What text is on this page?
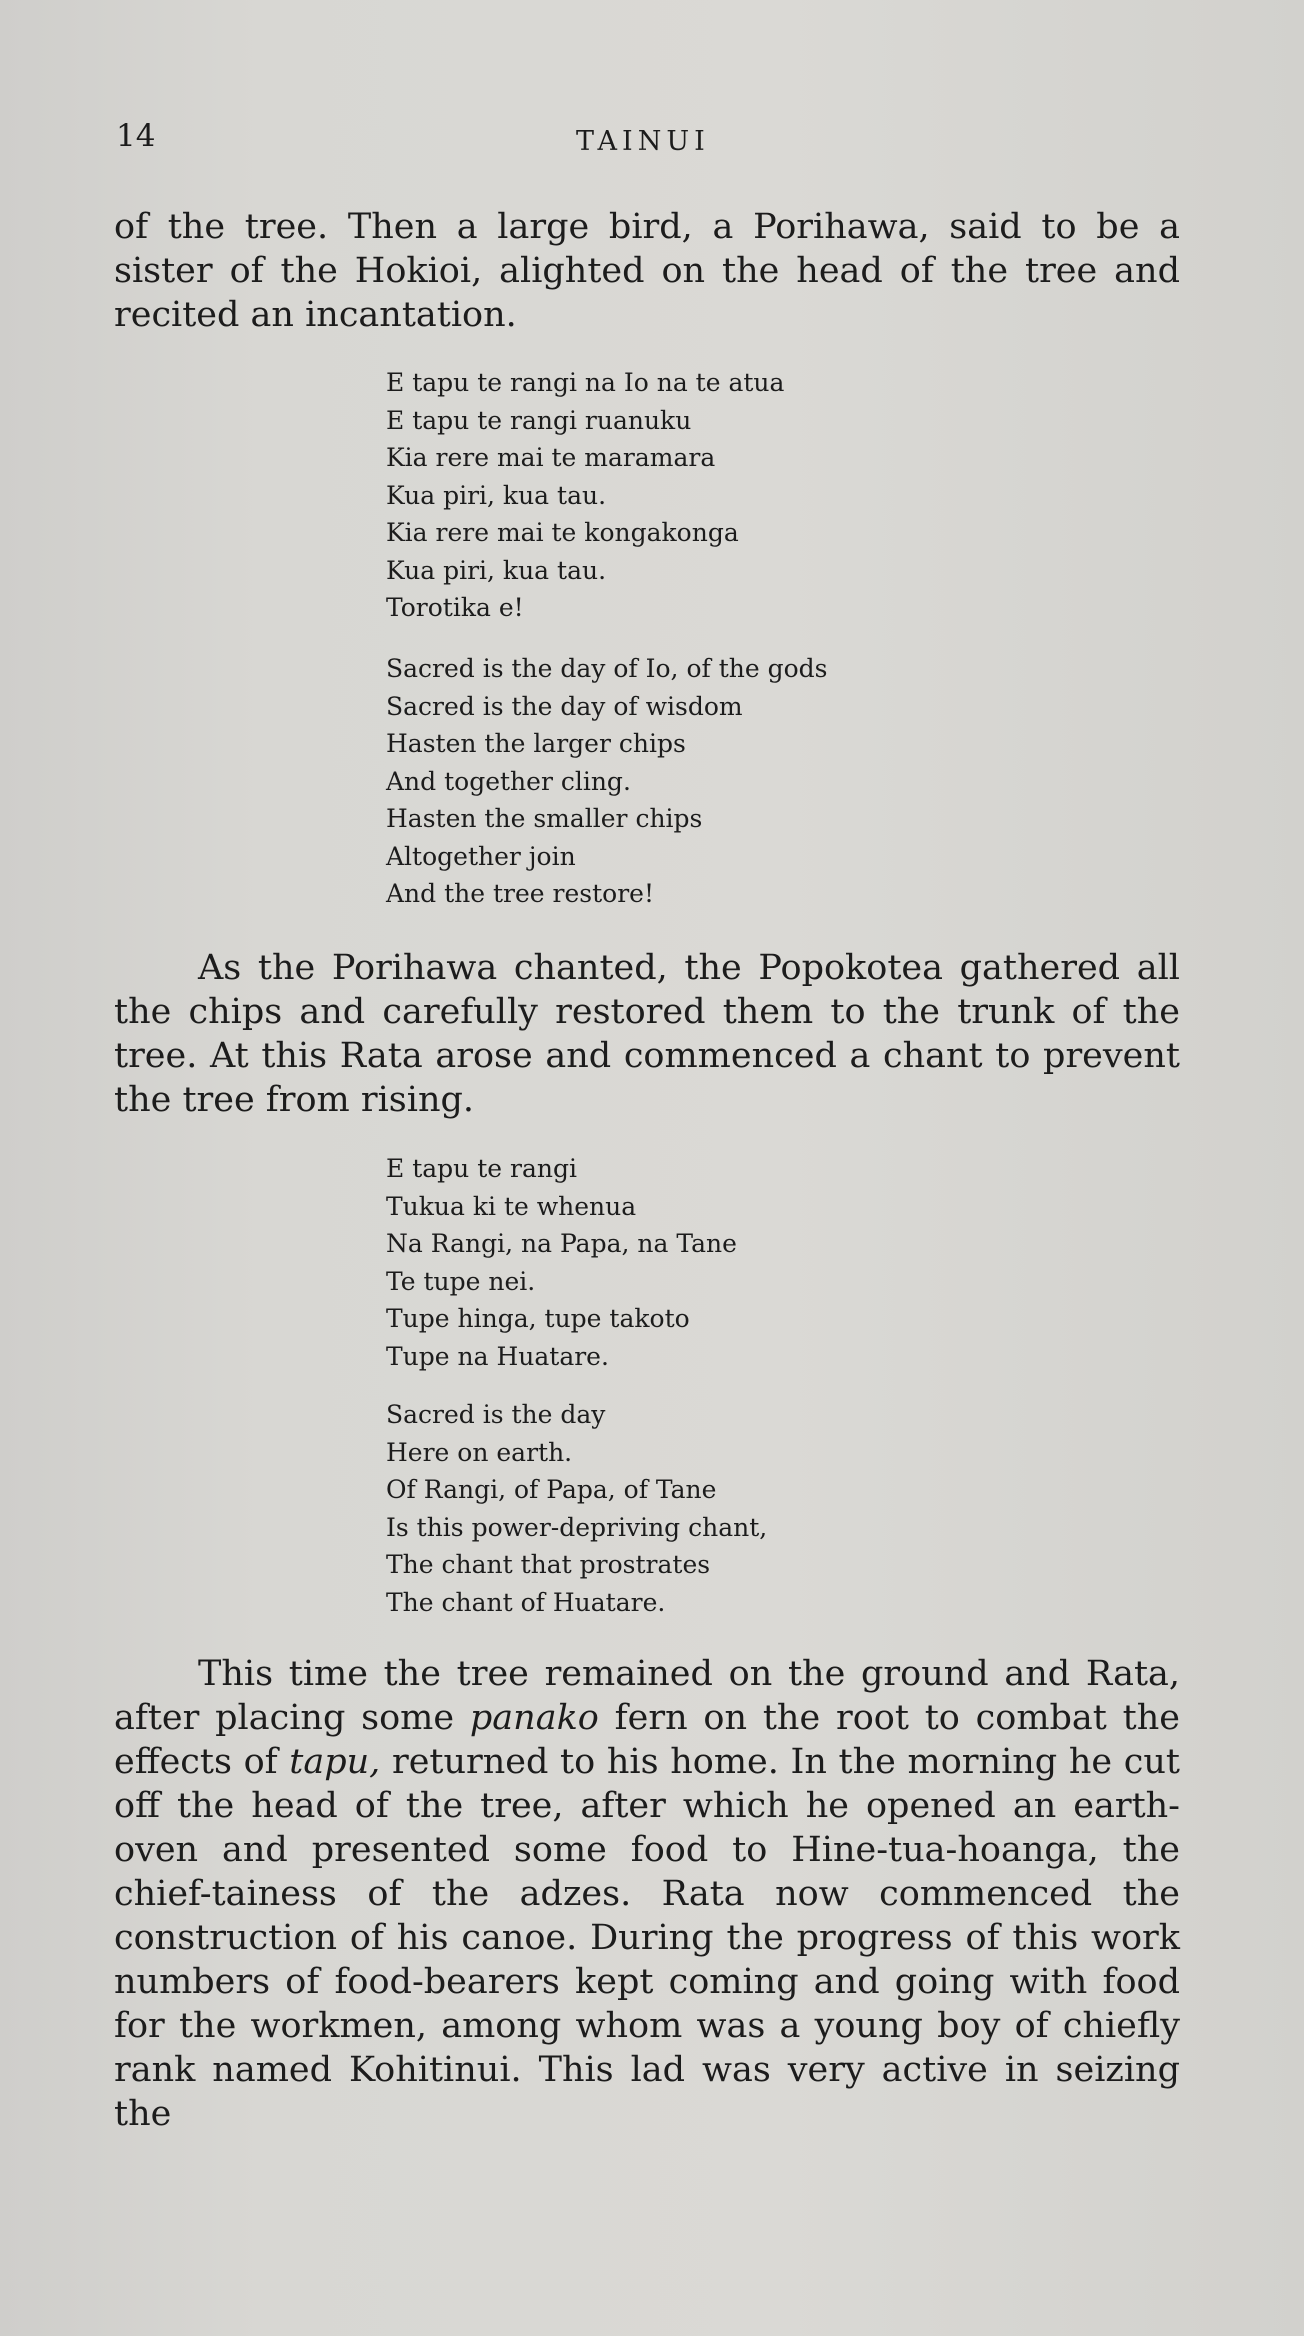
14	TAINUI

of the tree. Then a large bird, a Porihawa, said to be a sister of the Hokioi, alighted on the head of the tree and recited an incantation.

E tapu te rangi na Io na te atua
E tapu te rangi ruanuku
Kia rere mai te maramara
Kua piri, kua tau.
Kia rere mai te kongakonga
Kua piri, kua tau.
Torotika e!
Sacred is the day of Io, of the gods
Sacred is the day of wisdom
Hasten the larger chips
And together cling.
Hasten the smaller chips
Altogether join
And the tree restore!

As the Porihawa chanted, the Popokotea gathered all the chips and carefully restored them to the trunk of the tree. At this Rata arose and commenced a chant to prevent the tree from rising.

E tapu te rangi
Tukua ki te whenua
Na Rangi, na Papa, na Tane
Te tupe nei.
Tupe hinga, tupe takoto
Tupe na Huatare.
Sacred is the day
Here on earth.
Of Rangi, of Papa, of Tane
Is this power-depriving chant,
The chant that prostrates
The chant of Huatare.

This time the tree remained on the ground and Rata, after placing some panako fern on the root to combat the effects of tapu, returned to his home. In the morning he cut off the head of the tree, after which he opened an earth-oven and presented some food to Hine-tua-hoanga, the chief-tainess of the adzes. Rata now commenced the construction of his canoe. During the progress of this work numbers of food-bearers kept coming and going with food for the workmen, among whom was a young boy of chiefly rank named Kohitinui. This lad was very active in seizing the
